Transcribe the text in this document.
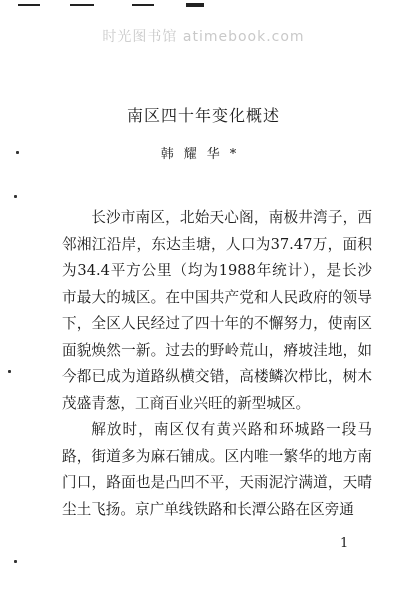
时光图书馆 atimebook.com
南区四十年变化概述
韩耀华*

长沙市南区，北始天心阁，南极井湾子，西邻湘江沿岸，东达圭塘，人口为37.47万，面积为34.4平方公里（均为1988年统计），是长沙市最大的城区。在中国共产党和人民政府的领导下，全区人民经过了四十年的不懈努力，使南区面貌焕然一新。过去的野岭荒山，瘠坡洼地，如今都已成为道路纵横交错，高楼鳞次栉比，树木茂盛青葱，工商百业兴旺的新型城区。

解放时，南区仅有黄兴路和环城路一段马路，街道多为麻石铺成。区内唯一繁华的地方南门口，路面也是凸凹不平，天雨泥泞满道，天晴尘土飞扬。京广单线铁路和长潭公路在区旁通

1
